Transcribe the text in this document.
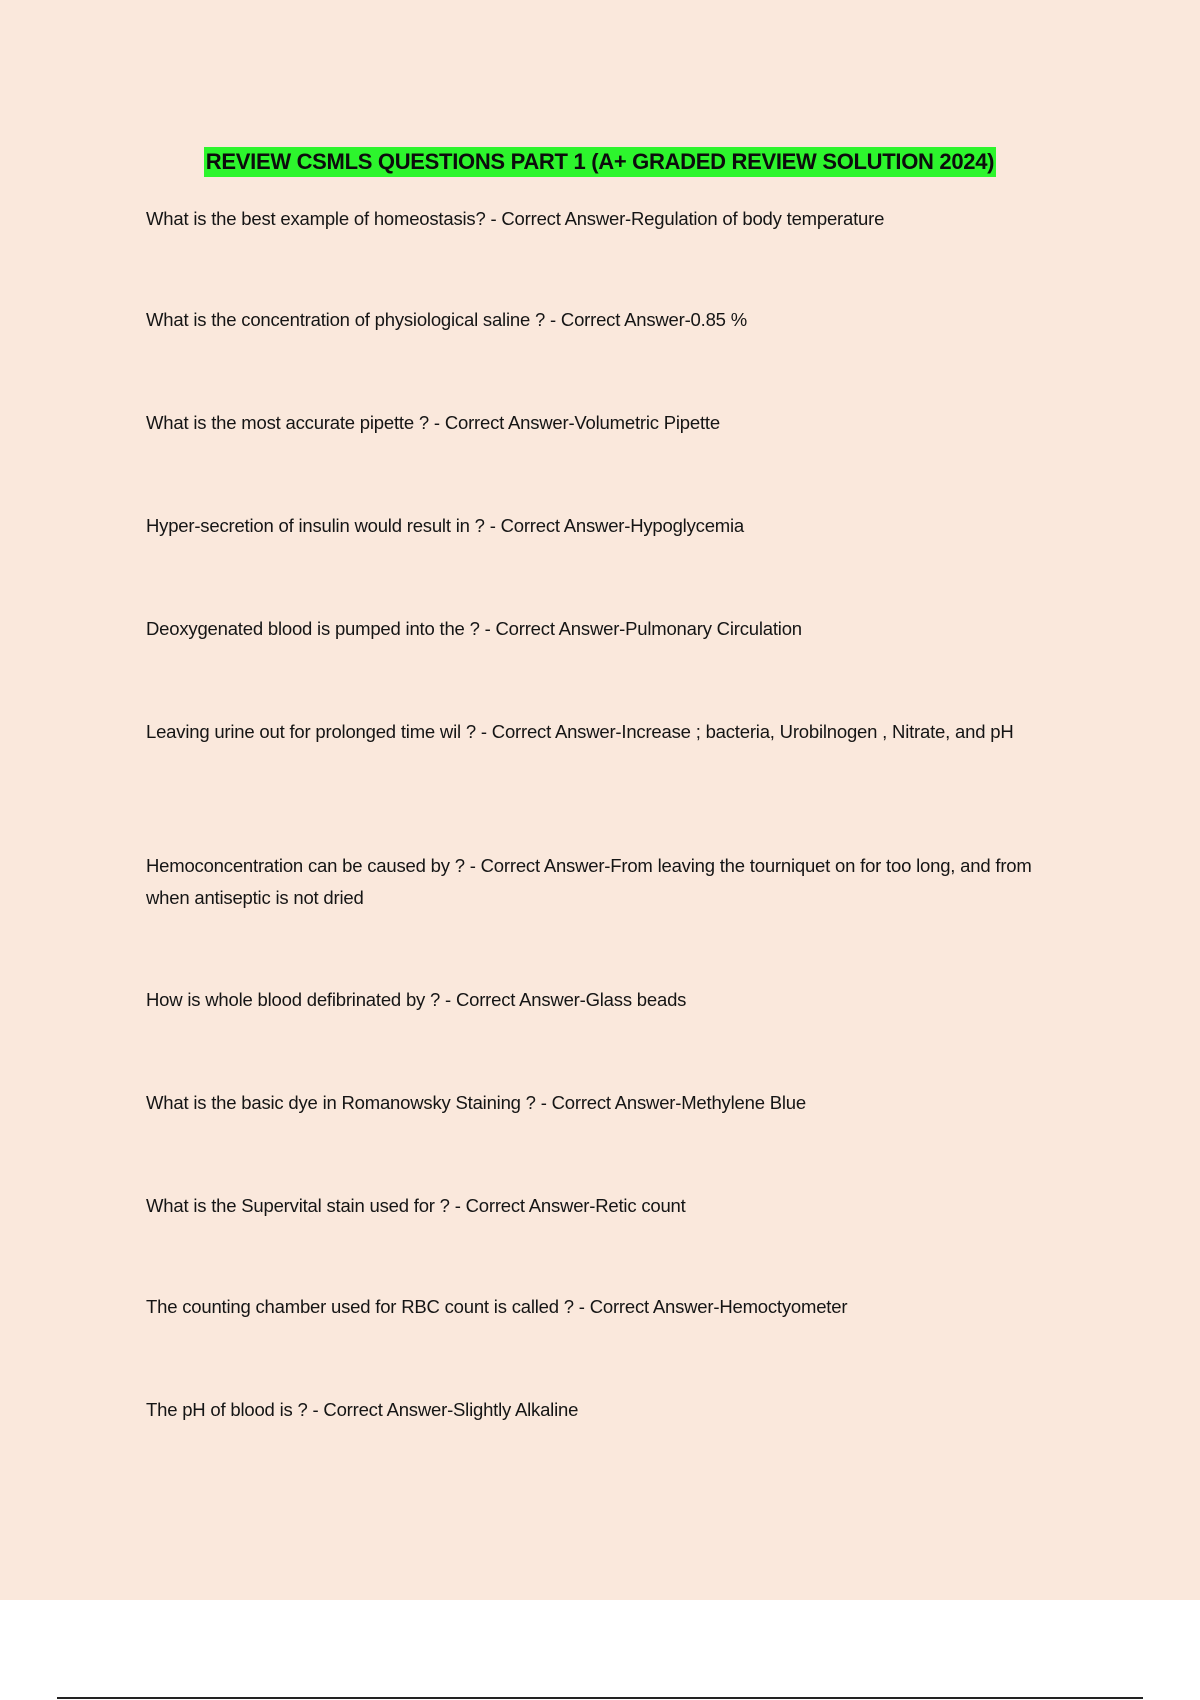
REVIEW CSMLS QUESTIONS PART 1 (A+ GRADED REVIEW SOLUTION 2024)
What is the best example of homeostasis? - Correct Answer-Regulation of body temperature
What is the concentration of physiological saline ? - Correct Answer-0.85 %
What is the most accurate pipette ? - Correct Answer-Volumetric Pipette
Hyper-secretion of insulin would result in ? - Correct Answer-Hypoglycemia
Deoxygenated blood is pumped into the ? - Correct Answer-Pulmonary Circulation
Leaving urine out for prolonged time wil ? - Correct Answer-Increase ; bacteria, Urobilnogen , Nitrate, and pH
Hemoconcentration can be caused by ? - Correct Answer-From leaving the tourniquet on for too long, and from when antiseptic is not dried
How is whole blood defibrinated by ? - Correct Answer-Glass beads
What is the basic dye in Romanowsky Staining ? - Correct Answer-Methylene Blue
What is the Supervital stain used for ? - Correct Answer-Retic count
The counting chamber used for RBC count is called ? - Correct Answer-Hemoctyometer
The pH of blood is ? - Correct Answer-Slightly Alkaline
